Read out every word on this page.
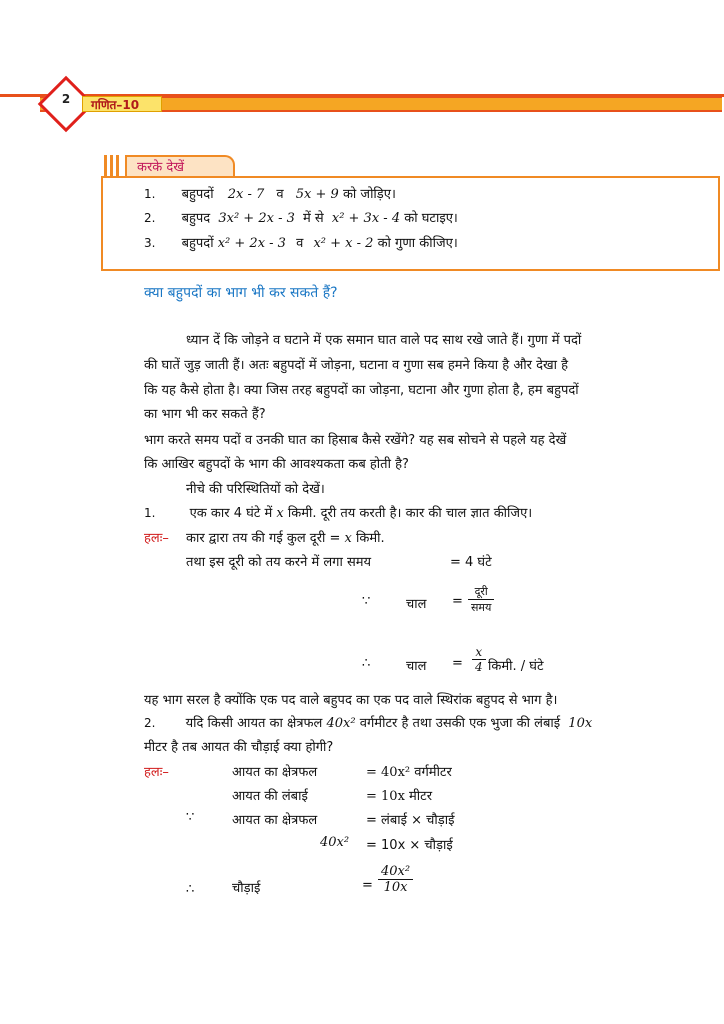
2	गणित–10
करके देखें
1. बहुपदों 2x - 7 व 5x + 9 को जोड़िए।
2. बहुपद 3x² + 2x - 3 में से x² + 3x - 4 को घटाइए।
3. बहुपदों x² + 2x - 3 व x² + x - 2 को गुणा कीजिए।
क्या बहुपदों का भाग भी कर सकते हैं?
ध्यान दें कि जोड़ने व घटाने में एक समान घात वाले पद साथ रखे जाते हैं। गुणा में पदों
की घातें जुड़ जाती हैं। अतः बहुपदों में जोड़ना, घटाना व गुणा सब हमने किया है और देखा है
कि यह कैसे होता है। क्या जिस तरह बहुपदों का जोड़ना, घटाना और गुणा होता है, हम बहुपदों
का भाग भी कर सकते हैं?
भाग करते समय पदों व उनकी घात का हिसाब कैसे रखेंगे? यह सब सोचने से पहले यह देखें
कि आखिर बहुपदों के भाग की आवश्यकता कब होती है?
नीचे की परिस्थितियों को देखें।
1.	एक कार 4 घंटे में x किमी. दूरी तय करती है। कार की चाल ज्ञात कीजिए।
हलः– कार द्वारा तय की गई कुल दूरी = x किमी.
तथा इस दूरी को तय करने में लगा समय	= 4 घंटे
∵	चाल = $\frac{\text{दूरी}}{\text{समय}}$
∴	चाल = $\frac{x}{4}$ किमी. / घंटे
यह भाग सरल है क्योंकि एक पद वाले बहुपद का एक पद वाले स्थिरांक बहुपद से भाग है।
2. यदि किसी आयत का क्षेत्रफल 40x² वर्गमीटर है तथा उसकी एक भुजा की लंबाई 10x
मीटर है तब आयत की चौड़ाई क्या होगी?
हलः–	आयत का क्षेत्रफल	= 40x² वर्गमीटर
आयत की लंबाई	= 10x मीटर
∵	आयत का क्षेत्रफल	= लंबाई × चौड़ाई
40x² = 10x × चौड़ाई
∴	चौड़ाई	= $\frac{\text{40x²}}{10x}$
